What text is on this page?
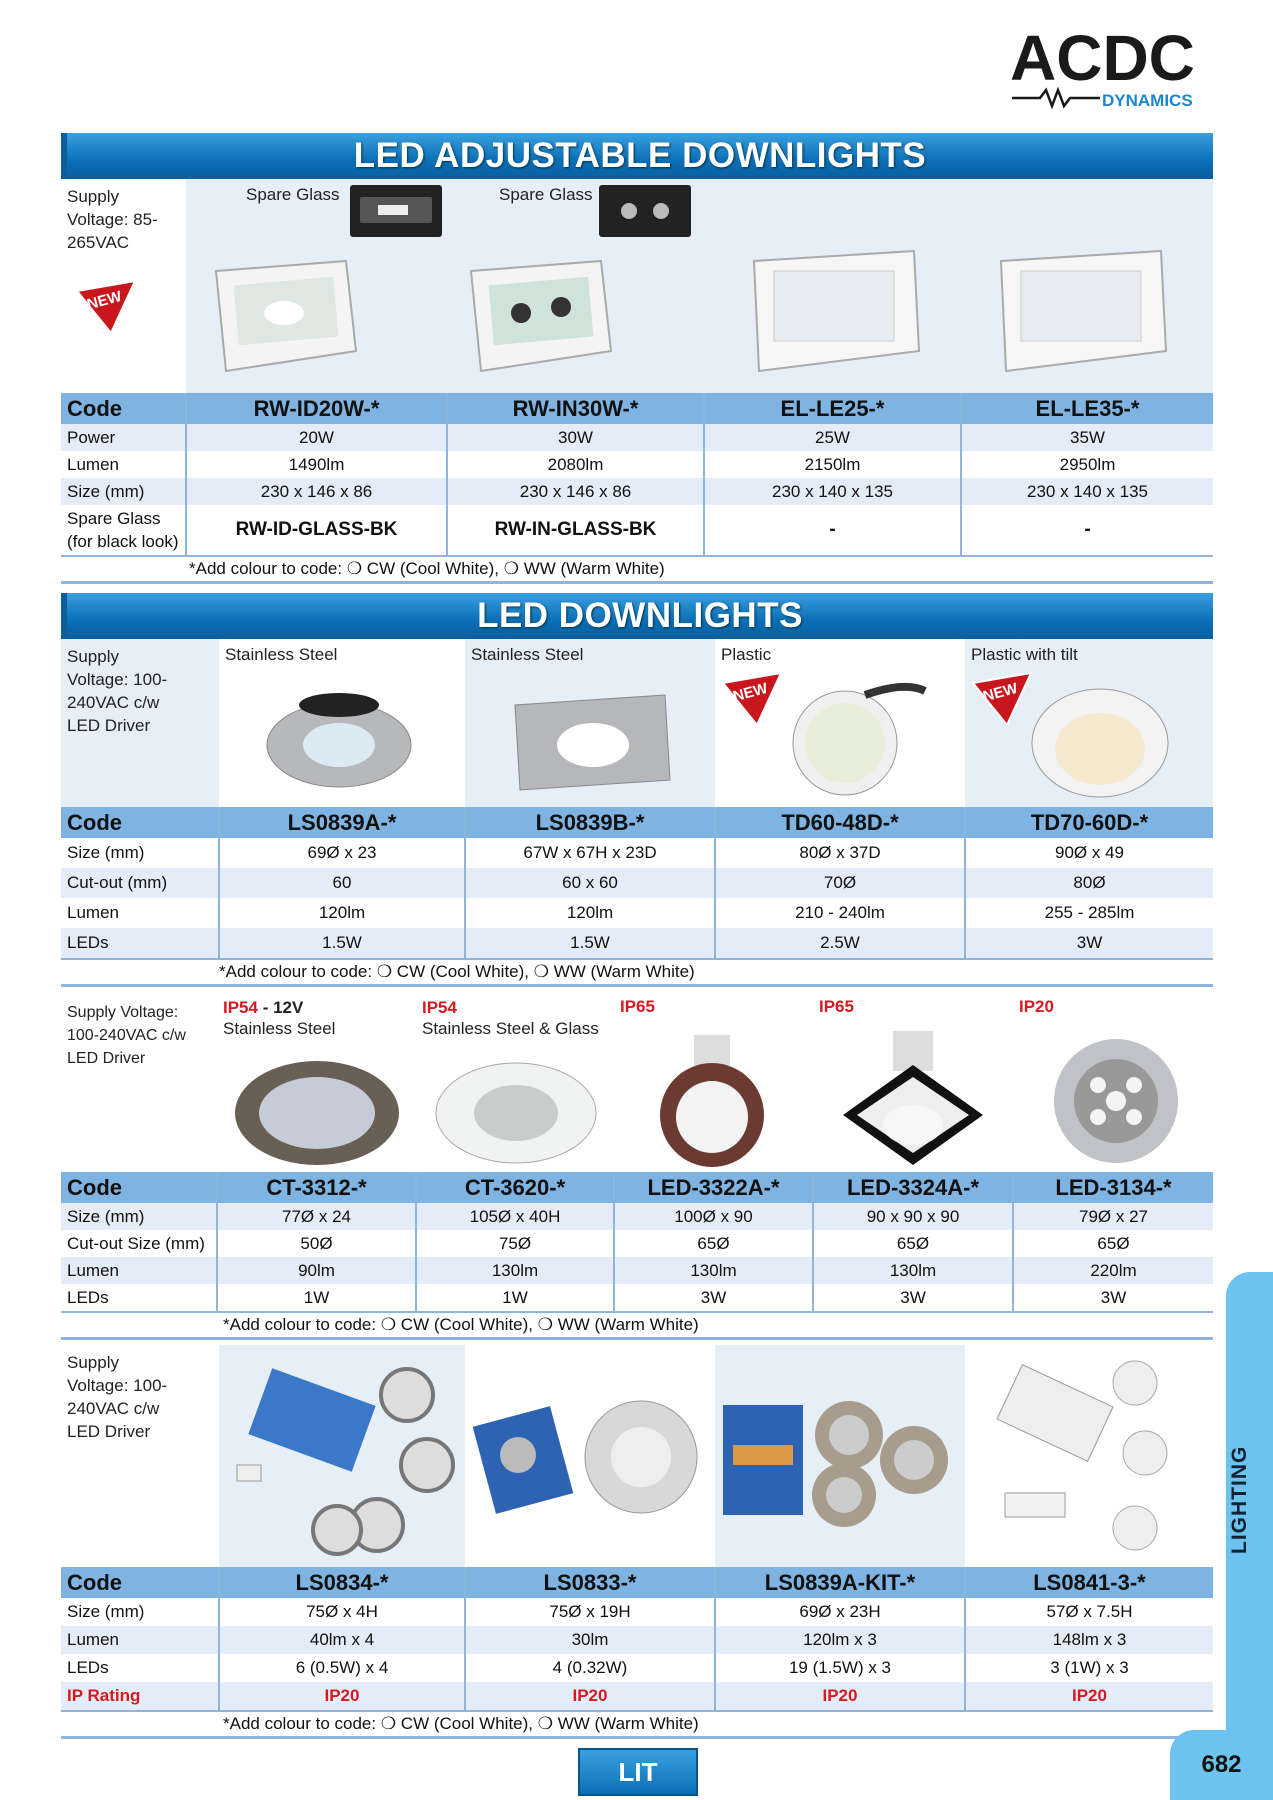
ACDC
DYNAMICS
LED ADJUSTABLE DOWNLIGHTS
Supply Voltage: 85-265VAC
NEW
Spare Glass	Spare Glass
Code	RW-ID20W-*	RW-IN30W-*	EL-LE25-*	EL-LE35-*
Power	20W	30W	25W	35W
Lumen	1490lm	2080lm	2150lm	2950lm
Size (mm)	230 x 146 x 86	230 x 146 x 86	230 x 140 x 135	230 x 140 x 135
Spare Glass
(for black look)	RW-ID-GLASS-BK	RW-IN-GLASS-BK	-	-
*Add colour to code: ❍ CW (Cool White), ❍ WW (Warm White)
LED DOWNLIGHTS
Supply Voltage: 100-240VAC c/w LED Driver
Stainless Steel	Stainless Steel	Plastic
NEW
Plastic with tilt
NEW
Code	LS0839A-*	LS0839B-*	TD60-48D-*	TD70-60D-*
Size (mm)	69Ø x 23	67W x 67H x 23D	80Ø x 37D	90Ø x 49
Cut-out (mm)	60	60 x 60	70Ø	80Ø
Lumen	120lm	120lm	210 - 240lm	255 - 285lm
LEDs	1.5W	1.5W	2.5W	3W
*Add colour to code: ❍ CW (Cool White), ❍ WW (Warm White)
Supply Voltage: 100-240VAC c/w LED Driver
IP54 - 12V
Stainless Steel
IP54
Stainless Steel & Glass
IP65	IP65	IP20
Code	CT-3312-*	CT-3620-*	LED-3322A-*	LED-3324A-*	LED-3134-*
Size (mm)	77Ø x 24	105Ø x 40H	100Ø x 90	90 x 90 x 90	79Ø x 27
Cut-out Size (mm)	50Ø	75Ø	65Ø	65Ø	65Ø
Lumen	90lm	130lm	130lm	130lm	220lm
LEDs	1W	1W	3W	3W	3W
*Add colour to code: ❍ CW (Cool White), ❍ WW (Warm White)
Supply Voltage: 100-240VAC c/w LED Driver
Code	LS0834-*	LS0833-*	LS0839A-KIT-*	LS0841-3-*
Size (mm)	75Ø x 4H	75Ø x 19H	69Ø x 23H	57Ø x 7.5H
Lumen	40lm x 4	30lm	120lm x 3	148lm x 3
LEDs	6 (0.5W) x 4	4 (0.32W)	19 (1.5W) x 3	3 (1W) x 3
IP Rating	IP20	IP20	IP20	IP20
*Add colour to code: ❍ CW (Cool White), ❍ WW (Warm White)
LIGHTING
LIT	682
